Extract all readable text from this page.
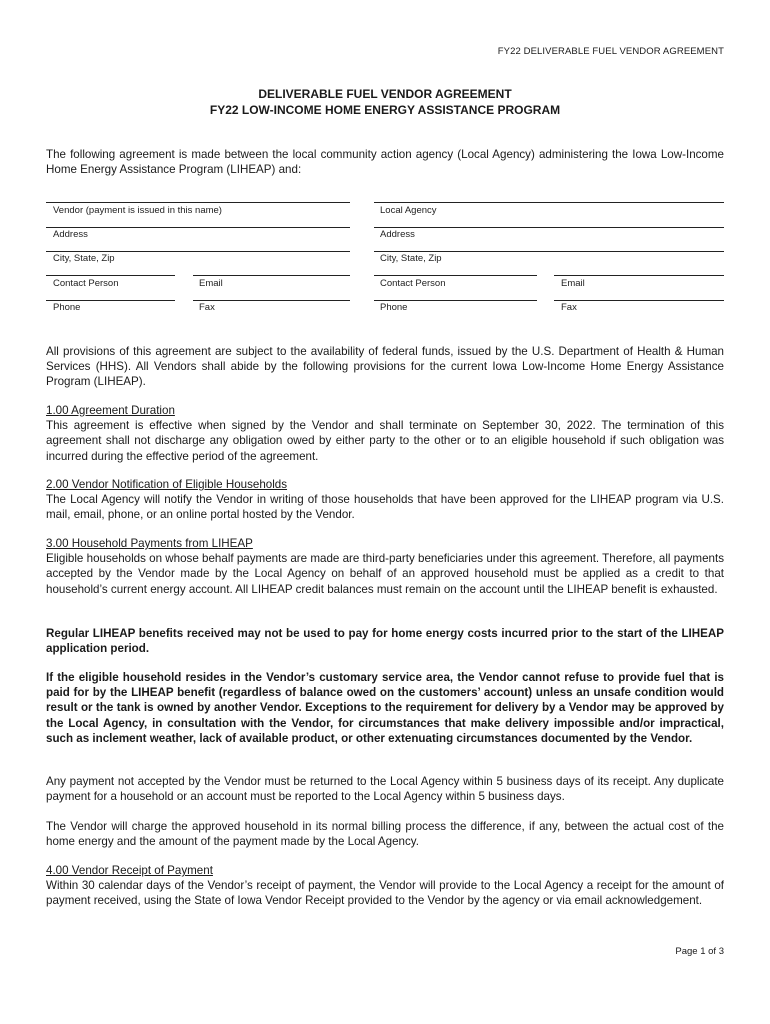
FY22 DELIVERABLE FUEL VENDOR AGREEMENT
DELIVERABLE FUEL VENDOR AGREEMENT
FY22 LOW-INCOME HOME ENERGY ASSISTANCE PROGRAM
The following agreement is made between the local community action agency (Local Agency) administering the Iowa Low-Income Home Energy Assistance Program (LIHEAP) and:
Vendor (payment is issued in this name)
Address
City, State, Zip
Contact Person	Email
Phone	Fax
Local Agency
Address
City, State, Zip
Contact Person	Email
Phone	Fax
All provisions of this agreement are subject to the availability of federal funds, issued by the U.S. Department of Health & Human Services (HHS). All Vendors shall abide by the following provisions for the current Iowa Low-Income Home Energy Assistance Program (LIHEAP).
1.00 Agreement Duration
This agreement is effective when signed by the Vendor and shall terminate on September 30, 2022. The termination of this agreement shall not discharge any obligation owed by either party to the other or to an eligible household if such obligation was incurred during the effective period of the agreement.
2.00 Vendor Notification of Eligible Households
The Local Agency will notify the Vendor in writing of those households that have been approved for the LIHEAP program via U.S. mail, email, phone, or an online portal hosted by the Vendor.
3.00 Household Payments from LIHEAP
Eligible households on whose behalf payments are made are third-party beneficiaries under this agreement. Therefore, all payments accepted by the Vendor made by the Local Agency on behalf of an approved household must be applied as a credit to that household’s current energy account. All LIHEAP credit balances must remain on the account until the LIHEAP benefit is exhausted.
Regular LIHEAP benefits received may not be used to pay for home energy costs incurred prior to the start of the LIHEAP application period.
If the eligible household resides in the Vendor’s customary service area, the Vendor cannot refuse to provide fuel that is paid for by the LIHEAP benefit (regardless of balance owed on the customers’ account) unless an unsafe condition would result or the tank is owned by another Vendor. Exceptions to the requirement for delivery by a Vendor may be approved by the Local Agency, in consultation with the Vendor, for circumstances that make delivery impossible and/or impractical, such as inclement weather, lack of available product, or other extenuating circumstances documented by the Vendor.
Any payment not accepted by the Vendor must be returned to the Local Agency within 5 business days of its receipt. Any duplicate payment for a household or an account must be reported to the Local Agency within 5 business days.
The Vendor will charge the approved household in its normal billing process the difference, if any, between the actual cost of the home energy and the amount of the payment made by the Local Agency.
4.00 Vendor Receipt of Payment
Within 30 calendar days of the Vendor’s receipt of payment, the Vendor will provide to the Local Agency a receipt for the amount of payment received, using the State of Iowa Vendor Receipt provided to the Vendor by the agency or via email acknowledgement.
Page 1 of 3
